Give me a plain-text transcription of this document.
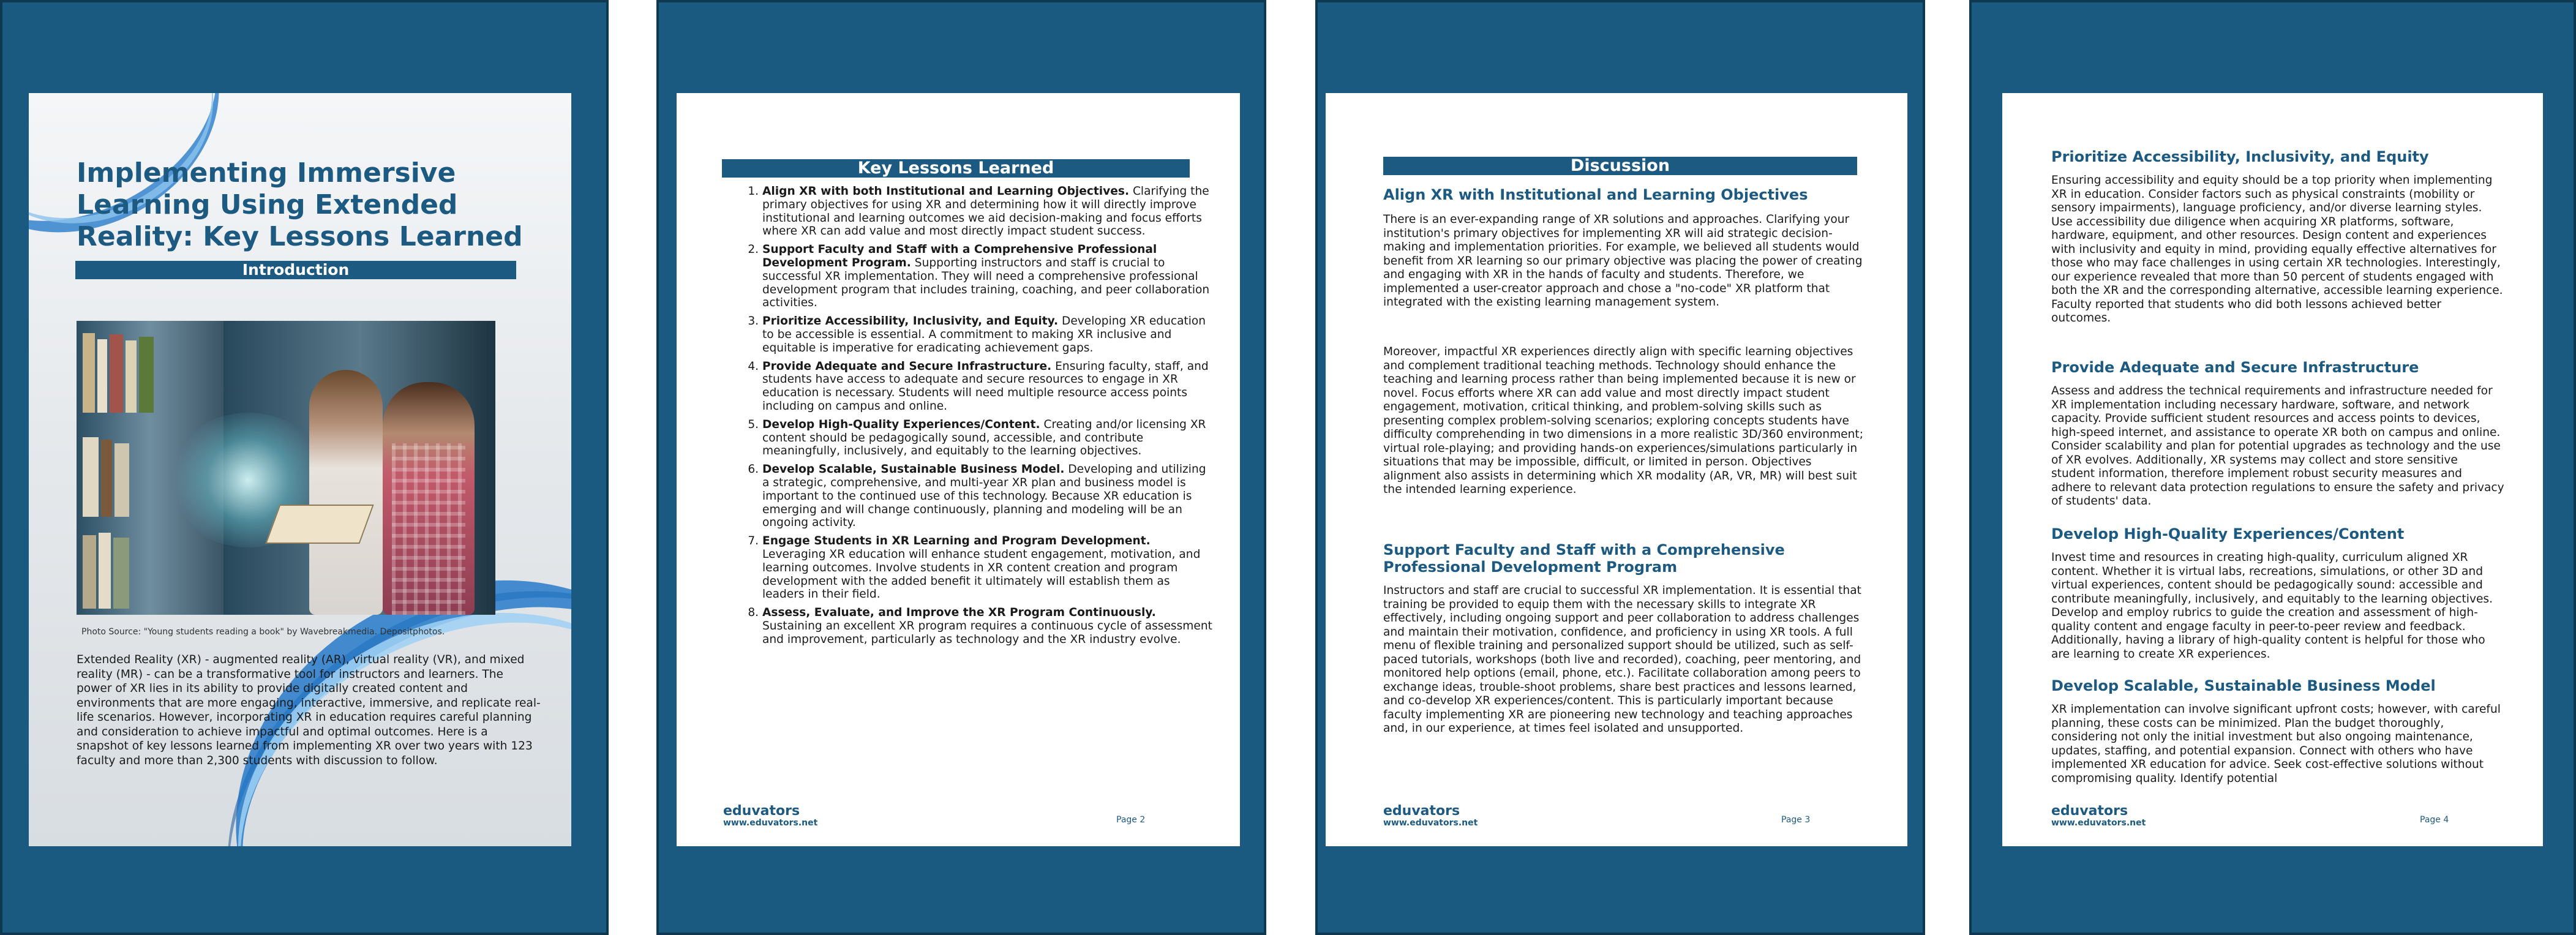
Implementing Immersive Learning Using Extended Reality: Key Lessons Learned
Introduction

Photo Source: "Young students reading a book" by Wavebreakmedia. Depositphotos.

Extended Reality (XR) - augmented reality (AR), virtual reality (VR), and mixed reality (MR) - can be a transformative tool for instructors and learners. The power of XR lies in its ability to provide digitally created content and environments that are more engaging, interactive, immersive, and replicate real-life scenarios. However, incorporating XR in education requires careful planning and consideration to achieve impactful and optimal outcomes. Here is a snapshot of key lessons learned from implementing XR over two years with 123 faculty and more than 2,300 students with discussion to follow.

Key Lessons Learned
1. Align XR with both Institutional and Learning Objectives. Clarifying the primary objectives for using XR and determining how it will directly improve institutional and learning outcomes we aid decision-making and focus efforts where XR can add value and most directly impact student success.
2. Support Faculty and Staff with a Comprehensive Professional Development Program. Supporting instructors and staff is crucial to successful XR implementation. They will need a comprehensive professional development program that includes training, coaching, and peer collaboration activities.
3. Prioritize Accessibility, Inclusivity, and Equity. Developing XR education to be accessible is essential. A commitment to making XR inclusive and equitable is imperative for eradicating achievement gaps.
4. Provide Adequate and Secure Infrastructure. Ensuring faculty, staff, and students have access to adequate and secure resources to engage in XR education is necessary. Students will need multiple resource access points including on campus and online.
5. Develop High-Quality Experiences/Content. Creating and/or licensing XR content should be pedagogically sound, accessible, and contribute meaningfully, inclusively, and equitably to the learning objectives.
6. Develop Scalable, Sustainable Business Model. Developing and utilizing a strategic, comprehensive, and multi-year XR plan and business model is important to the continued use of this technology. Because XR education is emerging and will change continuously, planning and modeling will be an ongoing activity.
7. Engage Students in XR Learning and Program Development. Leveraging XR education will enhance student engagement, motivation, and learning outcomes. Involve students in XR content creation and program development with the added benefit it ultimately will establish them as leaders in their field.
8. Assess, Evaluate, and Improve the XR Program Continuously. Sustaining an excellent XR program requires a continuous cycle of assessment and improvement, particularly as technology and the XR industry evolve.
eduvators
www.eduvators.net	Page 2
Discussion
Align XR with Institutional and Learning Objectives

There is an ever-expanding range of XR solutions and approaches. Clarifying your institution's primary objectives for implementing XR will aid strategic decision-making and implementation priorities. For example, we believed all students would benefit from XR learning so our primary objective was placing the power of creating and engaging with XR in the hands of faculty and students. Therefore, we implemented a user-creator approach and chose a "no-code" XR platform that integrated with the existing learning management system.

Moreover, impactful XR experiences directly align with specific learning objectives and complement traditional teaching methods. Technology should enhance the teaching and learning process rather than being implemented because it is new or novel. Focus efforts where XR can add value and most directly impact student engagement, motivation, critical thinking, and problem-solving skills such as presenting complex problem-solving scenarios; exploring concepts students have difficulty comprehending in two dimensions in a more realistic 3D/360 environment; virtual role-playing; and providing hands-on experiences/simulations particularly in situations that may be impossible, difficult, or limited in person. Objectives alignment also assists in determining which XR modality (AR, VR, MR) will best suit the intended learning experience.

Support Faculty and Staff with a Comprehensive Professional Development Program

Instructors and staff are crucial to successful XR implementation. It is essential that training be provided to equip them with the necessary skills to integrate XR effectively, including ongoing support and peer collaboration to address challenges and maintain their motivation, confidence, and proficiency in using XR tools. A full menu of flexible training and personalized support should be utilized, such as self-paced tutorials, workshops (both live and recorded), coaching, peer mentoring, and monitored help options (email, phone, etc.). Facilitate collaboration among peers to exchange ideas, trouble-shoot problems, share best practices and lessons learned, and co-develop XR experiences/content. This is particularly important because faculty implementing XR are pioneering new technology and teaching approaches and, in our experience, at times feel isolated and unsupported.

eduvators
www.eduvators.net	Page 3
Prioritize Accessibility, Inclusivity, and Equity

Ensuring accessibility and equity should be a top priority when implementing XR in education. Consider factors such as physical constraints (mobility or sensory impairments), language proficiency, and/or diverse learning styles. Use accessibility due diligence when acquiring XR platforms, software, hardware, equipment, and other resources. Design content and experiences with inclusivity and equity in mind, providing equally effective alternatives for those who may face challenges in using certain XR technologies. Interestingly, our experience revealed that more than 50 percent of students engaged with both the XR and the corresponding alternative, accessible learning experience. Faculty reported that students who did both lessons achieved better outcomes.

Provide Adequate and Secure Infrastructure

Assess and address the technical requirements and infrastructure needed for XR implementation including necessary hardware, software, and network capacity. Provide sufficient student resources and access points to devices, high-speed internet, and assistance to operate XR both on campus and online. Consider scalability and plan for potential upgrades as technology and the use of XR evolves. Additionally, XR systems may collect and store sensitive student information, therefore implement robust security measures and adhere to relevant data protection regulations to ensure the safety and privacy of students' data.

Develop High-Quality Experiences/Content

Invest time and resources in creating high-quality, curriculum aligned XR content. Whether it is virtual labs, recreations, simulations, or other 3D and virtual experiences, content should be pedagogically sound: accessible and contribute meaningfully, inclusively, and equitably to the learning objectives. Develop and employ rubrics to guide the creation and assessment of high-quality content and engage faculty in peer-to-peer review and feedback. Additionally, having a library of high-quality content is helpful for those who are learning to create XR experiences.

Develop Scalable, Sustainable Business Model

XR implementation can involve significant upfront costs; however, with careful planning, these costs can be minimized. Plan the budget thoroughly, considering not only the initial investment but also ongoing maintenance, updates, staffing, and potential expansion. Connect with others who have implemented XR education for advice. Seek cost-effective solutions without compromising quality. Identify potential

eduvators
www.eduvators.net	Page 4
